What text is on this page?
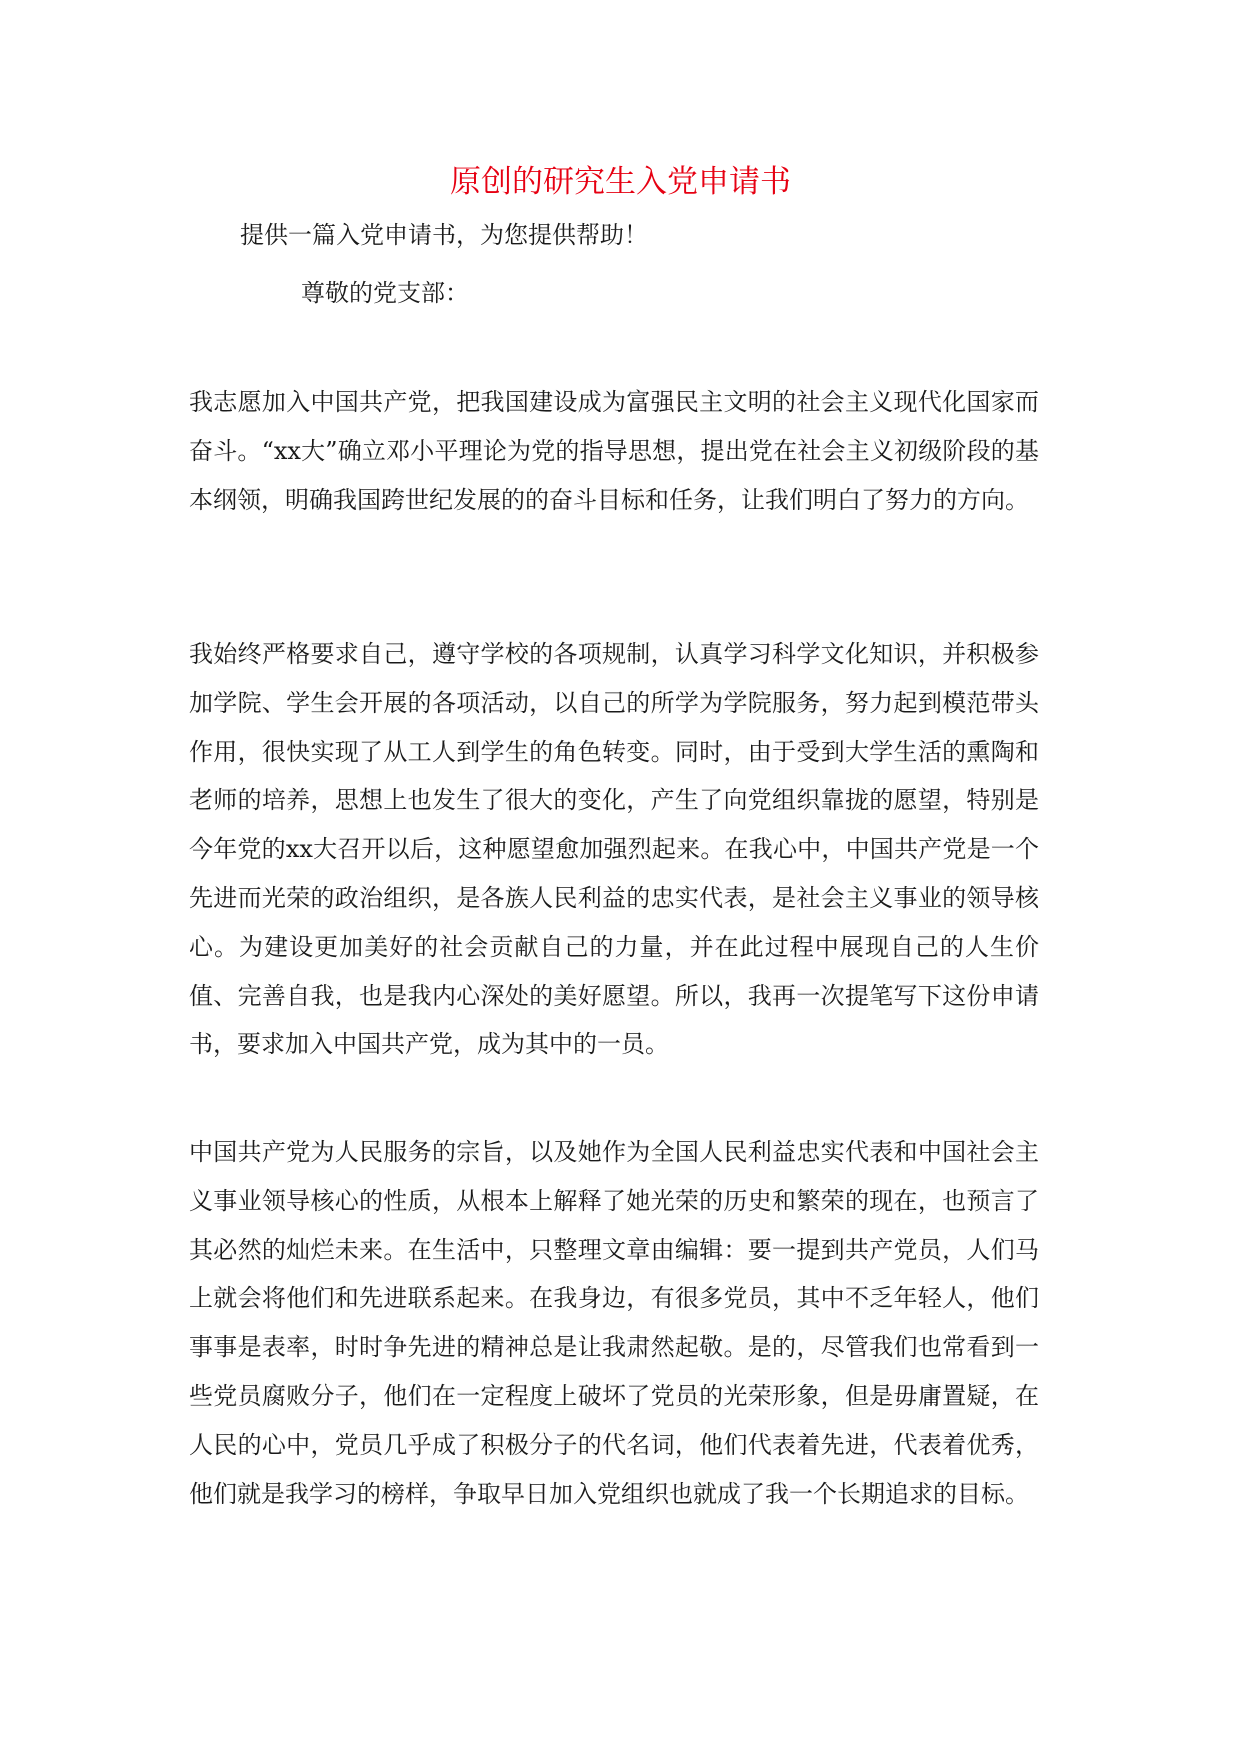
原创的研究生入党申请书

提供一篇入党申请书，为您提供帮助！

尊敬的党支部：

我志愿加入中国共产党，把我国建设成为富强民主文明的社会主义现代化国家而奋斗。“xx大”确立邓小平理论为党的指导思想，提出党在社会主义初级阶段的基本纲领，明确我国跨世纪发展的的奋斗目标和任务，让我们明白了努力的方向。

我始终严格要求自己，遵守学校的各项规制，认真学习科学文化知识，并积极参加学院、学生会开展的各项活动，以自己的所学为学院服务，努力起到模范带头作用，很快实现了从工人到学生的角色转变。同时，由于受到大学生活的熏陶和老师的培养，思想上也发生了很大的变化，产生了向党组织靠拢的愿望，特别是今年党的xx大召开以后，这种愿望愈加强烈起来。在我心中，中国共产党是一个先进而光荣的政治组织，是各族人民利益的忠实代表，是社会主义事业的领导核心。为建设更加美好的社会贡献自己的力量，并在此过程中展现自己的人生价值、完善自我，也是我内心深处的美好愿望。所以，我再一次提笔写下这份申请书，要求加入中国共产党，成为其中的一员。

中国共产党为人民服务的宗旨，以及她作为全国人民利益忠实代表和中国社会主义事业领导核心的性质，从根本上解释了她光荣的历史和繁荣的现在，也预言了其必然的灿烂未来。在生活中，只整理文章由编辑：要一提到共产党员，人们马上就会将他们和先进联系起来。在我身边，有很多党员，其中不乏年轻人，他们事事是表率，时时争先进的精神总是让我肃然起敬。是的，尽管我们也常看到一些党员腐败分子，他们在一定程度上破坏了党员的光荣形象，但是毋庸置疑，在人民的心中，党员几乎成了积极分子的代名词，他们代表着先进，代表着优秀，他们就是我学习的榜样，争取早日加入党组织也就成了我一个长期追求的目标。
